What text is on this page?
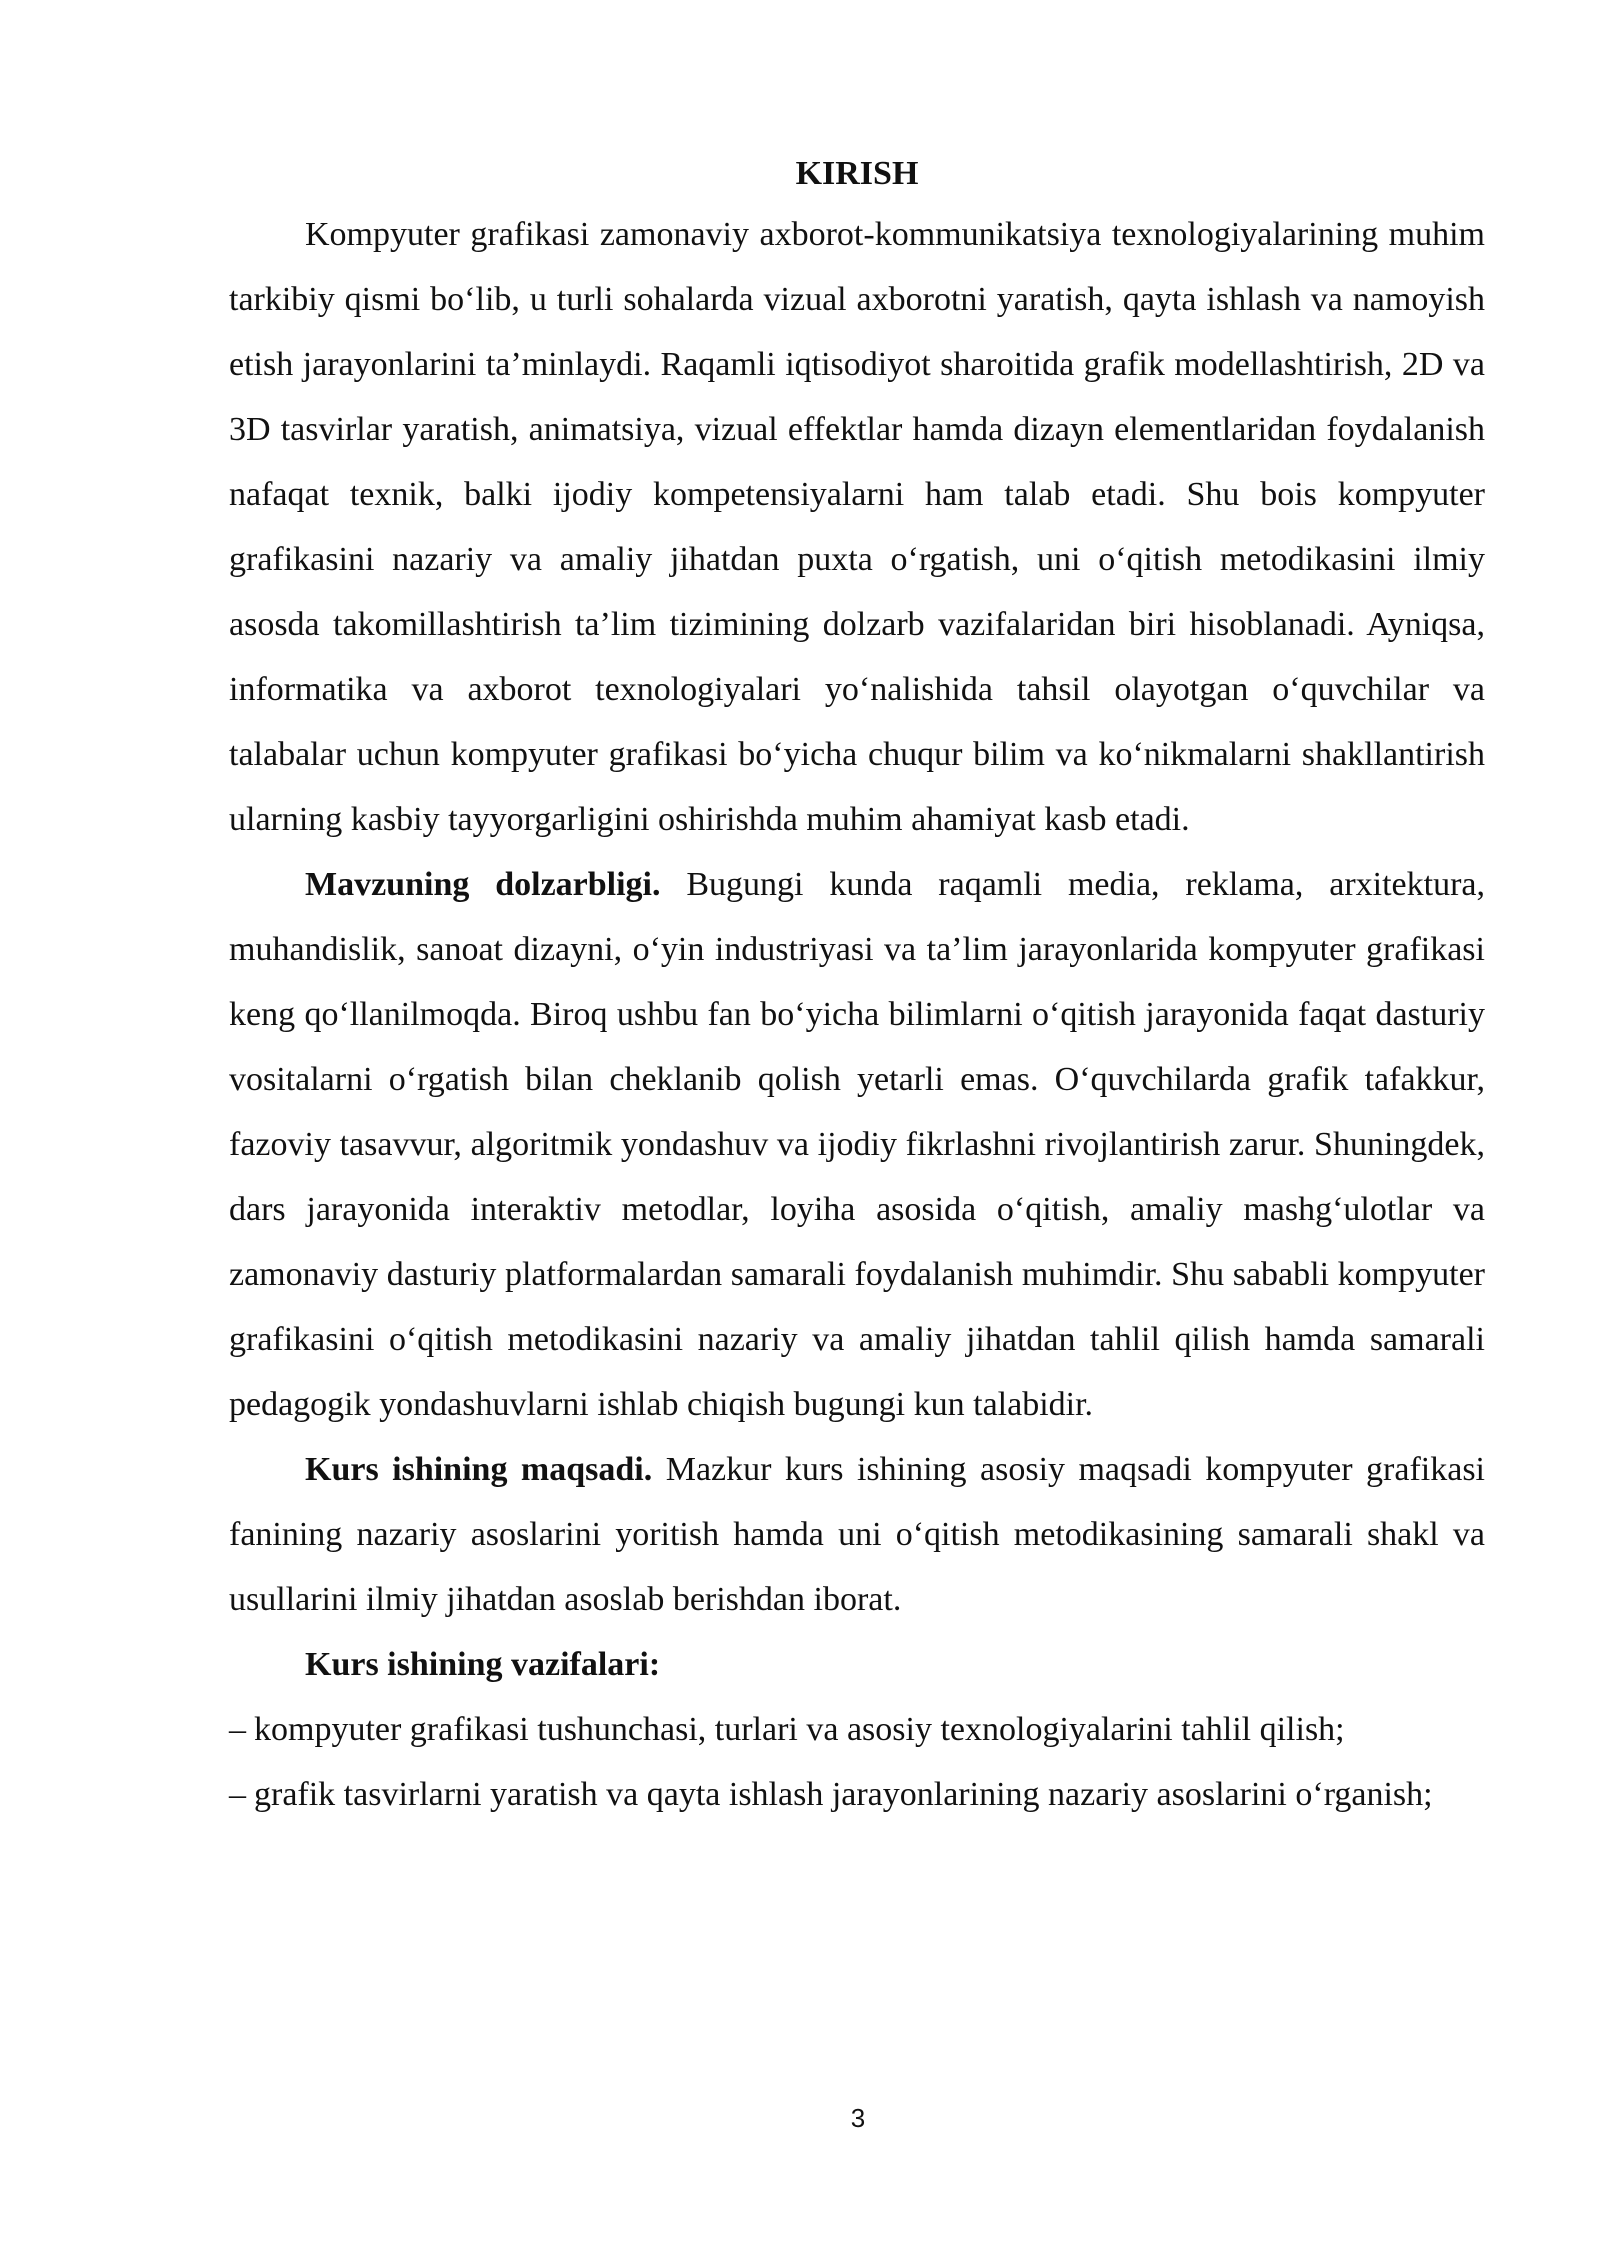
KIRISH

Kompyuter grafikasi zamonaviy axborot-kommunikatsiya texnologiyalarining muhim tarkibiy qismi bo‘lib, u turli sohalarda vizual axborotni yaratish, qayta ishlash va namoyish etish jarayonlarini ta’minlaydi. Raqamli iqtisodiyot sharoitida grafik modellashtirish, 2D va 3D tasvirlar yaratish, animatsiya, vizual effektlar hamda dizayn elementlaridan foydalanish nafaqat texnik, balki ijodiy kompetensiyalarni ham talab etadi. Shu bois kompyuter grafikasini nazariy va amaliy jihatdan puxta o‘rgatish, uni o‘qitish metodikasini ilmiy asosda takomillashtirish ta’lim tizimining dolzarb vazifalaridan biri hisoblanadi. Ayniqsa, informatika va axborot texnologiyalari yo‘nalishida tahsil olayotgan o‘quvchilar va talabalar uchun kompyuter grafikasi bo‘yicha chuqur bilim va ko‘nikmalarni shakllantirish ularning kasbiy tayyorgarligini oshirishda muhim ahamiyat kasb etadi.

Mavzuning dolzarbligi. Bugungi kunda raqamli media, reklama, arxitektura, muhandislik, sanoat dizayni, o‘yin industriyasi va ta’lim jarayonlarida kompyuter grafikasi keng qo‘llanilmoqda. Biroq ushbu fan bo‘yicha bilimlarni o‘qitish jarayonida faqat dasturiy vositalarni o‘rgatish bilan cheklanib qolish yetarli emas. O‘quvchilarda grafik tafakkur, fazoviy tasavvur, algoritmik yondashuv va ijodiy fikrlashni rivojlantirish zarur. Shuningdek, dars jarayonida interaktiv metodlar, loyiha asosida o‘qitish, amaliy mashg‘ulotlar va zamonaviy dasturiy platformalardan samarali foydalanish muhimdir. Shu sababli kompyuter grafikasini o‘qitish metodikasini nazariy va amaliy jihatdan tahlil qilish hamda samarali pedagogik yondashuvlarni ishlab chiqish bugungi kun talabidir.

Kurs ishining maqsadi. Mazkur kurs ishining asosiy maqsadi kompyuter grafikasi fanining nazariy asoslarini yoritish hamda uni o‘qitish metodikasining samarali shakl va usullarini ilmiy jihatdan asoslab berishdan iborat.

Kurs ishining vazifalari:

– kompyuter grafikasi tushunchasi, turlari va asosiy texnologiyalarini tahlil qilish;
– grafik tasvirlarni yaratish va qayta ishlash jarayonlarining nazariy asoslarini o‘rganish;
3
